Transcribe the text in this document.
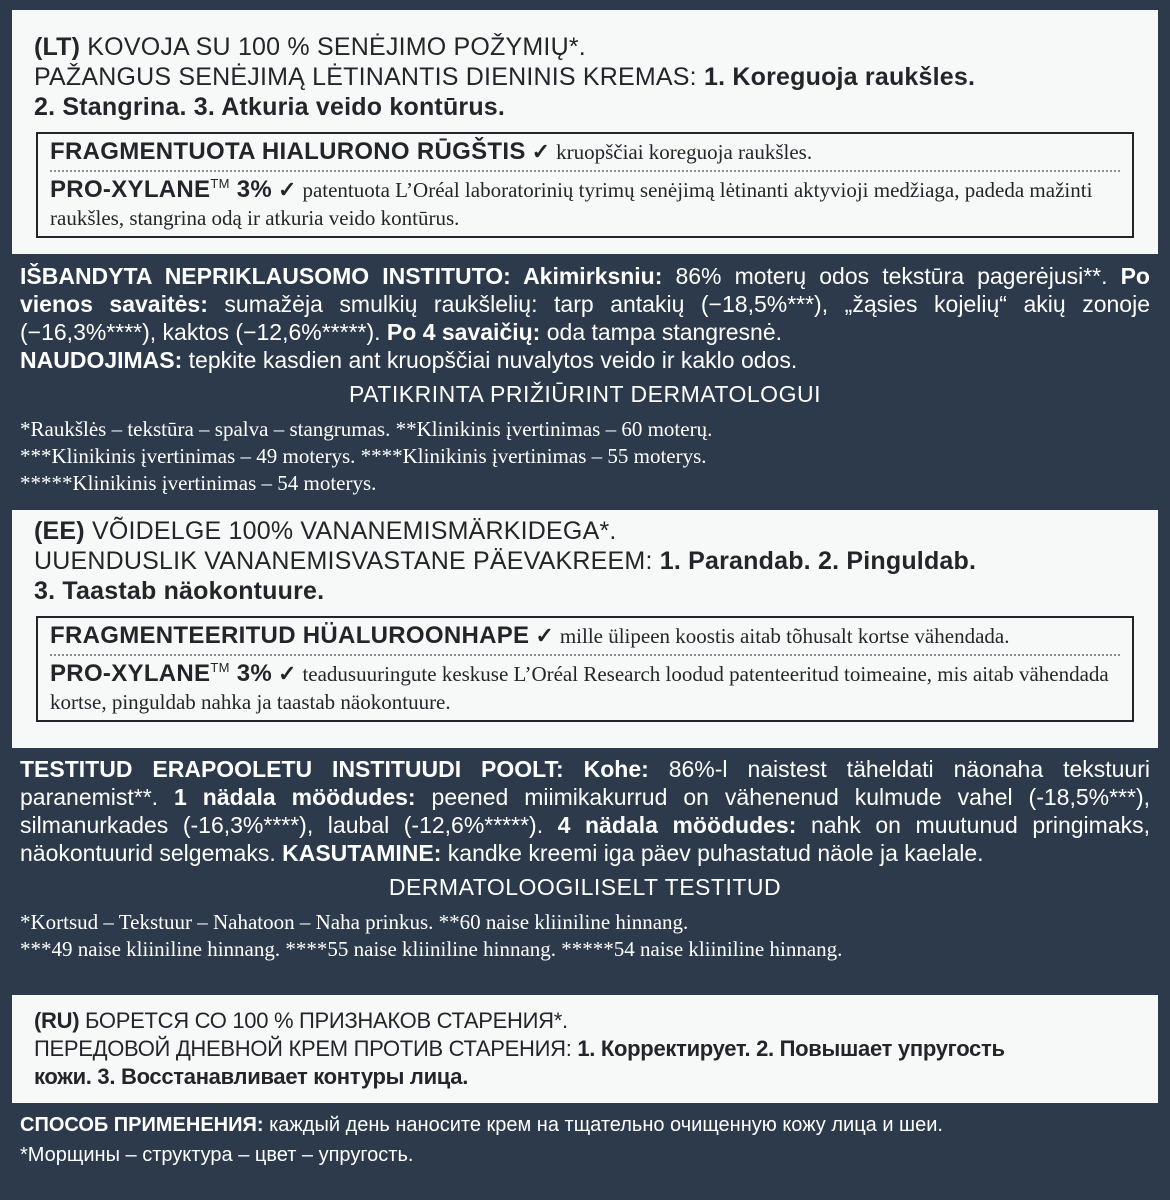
(LT) KOVOJA SU 100 % SENĖJIMO POŽYMIŲ*.
PAŽANGUS SENĖJIMĄ LĖTINANTIS DIENINIS KREMAS: 1. Koreguoja raukšles.
2. Stangrina. 3. Atkuria veido kontūrus.
FRAGMENTUOTA HIALURONO RŪGŠTIS ✓ kruopščiai koreguoja raukšles.
PRO-XYLANE™ 3% ✓ patentuota L’Oréal laboratorinių tyrimų senėjimą lėtinanti aktyvioji medžiaga, padeda mažinti raukšles, stangrina odą ir atkuria veido kontūrus.
IŠBANDYTA NEPRIKLAUSOMO INSTITUTO: Akimirksniu: 86% moterų odos tekstūra pagerėjusi**. Po vienos savaitės: sumažėja smulkių raukšlelių: tarp antakių (−18,5%***), „žąsies kojelių“ akių zonoje (−16,3%****), kaktos (−12,6%*****). Po 4 savaičių: oda tampa stangresnė.
NAUDOJIMAS: tepkite kasdien ant kruopščiai nuvalytos veido ir kaklo odos.
PATIKRINTA PRIŽIŪRINT DERMATOLOGUI
*Raukšlės – tekstūra – spalva – stangrumas. **Klinikinis įvertinimas – 60 moterų.
***Klinikinis įvertinimas – 49 moterys. ****Klinikinis įvertinimas – 55 moterys.
*****Klinikinis įvertinimas – 54 moterys.
(EE) VÕIDELGE 100% VANANEMISMÄRKIDEGA*.
UUENDUSLIK VANANEMISVASTANE PÄEVAKREEM: 1. Parandab. 2. Pinguldab.
3. Taastab näokontuure.
FRAGMENTEERITUD HÜALUROONHAPE ✓ mille ülipeen koostis aitab tõhusalt kortse vähendada.
PRO-XYLANE™ 3% ✓ teadusuuringute keskuse L’Oréal Research loodud patenteeritud toimeaine, mis aitab vähendada kortse, pinguldab nahka ja taastab näokontuure.
TESTITUD ERAPOOLETU INSTITUUDI POOLT: Kohe: 86%-l naistest täheldati näonaha tekstuuri paranemist**. 1 nädala möödudes: peened miimikakurrud on vähenenud kulmude vahel (-18,5%***), silmanurkades (-16,3%****), laubal (-12,6%*****). 4 nädala möödudes: nahk on muutunud pringimaks, näokontuurid selgemaks. KASUTAMINE: kandke kreemi iga päev puhastatud näole ja kaelale.
DERMATOLOOGILISELT TESTITUD
*Kortsud – Tekstuur – Nahatoon – Naha prinkus. **60 naise kliiniline hinnang.
***49 naise kliiniline hinnang. ****55 naise kliiniline hinnang. *****54 naise kliiniline hinnang.
(RU) БОРЕТСЯ СО 100 % ПРИЗНАКОВ СТАРЕНИЯ*.
ПЕРЕДОВОЙ ДНЕВНОЙ КРЕМ ПРОТИВ СТАРЕНИЯ: 1. Корректирует. 2. Повышает упругость
кожи. 3. Восстанавливает контуры лица.
СПОСОБ ПРИМЕНЕНИЯ: каждый день наносите крем на тщательно очищенную кожу лица и шеи.
*Морщины – структура – цвет – упругость.
